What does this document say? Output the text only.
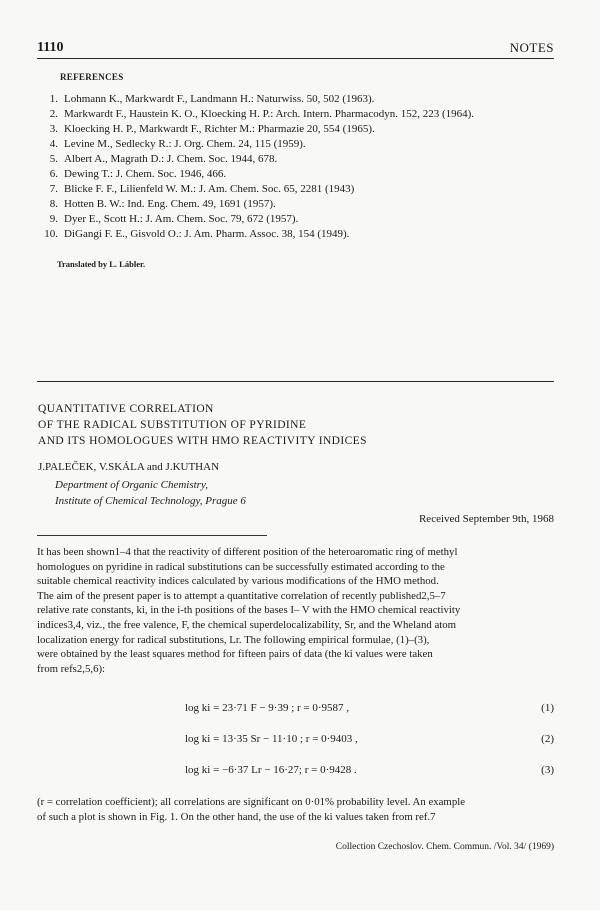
1110	NOTES
REFERENCES
1. Lohmann K., Markwardt F., Landmann H.: Naturwiss. 50, 502 (1963).
2. Markwardt F., Haustein K. O., Kloecking H. P.: Arch. Intern. Pharmacodyn. 152, 223 (1964).
3. Kloecking H. P., Markwardt F., Richter M.: Pharmazie 20, 554 (1965).
4. Levine M., Sedlecky R.: J. Org. Chem. 24, 115 (1959).
5. Albert A., Magrath D.: J. Chem. Soc. 1944, 678.
6. Dewing T.: J. Chem. Soc. 1946, 466.
7. Blicke F. F., Lilienfeld W. M.: J. Am. Chem. Soc. 65, 2281 (1943)
8. Hotten B. W.: Ind. Eng. Chem. 49, 1691 (1957).
9. Dyer E., Scott H.: J. Am. Chem. Soc. 79, 672 (1957).
10. DiGangi F. E., Gisvold O.: J. Am. Pharm. Assoc. 38, 154 (1949).
Translated by L. Lábler.
QUANTITATIVE CORRELATION
OF THE RADICAL SUBSTITUTION OF PYRIDINE
AND ITS HOMOLOGUES WITH HMO REACTIVITY INDICES
J.PALEČEK, V.SKÁLA and J.KUTHAN
Department of Organic Chemistry,
Institute of Chemical Technology, Prague 6
Received September 9th, 1968
It has been shown1–4 that the reactivity of different position of the heteroaromatic ring of methyl
homologues on pyridine in radical substitutions can be successfully estimated according to the
suitable chemical reactivity indices calculated by various modifications of the HMO method.
The aim of the present paper is to attempt a quantitative correlation of recently published2,5–7
relative rate constants, ki, in the i-th positions of the bases I– V with the HMO chemical reactivity
indices3,4, viz., the free valence, F, the chemical superdelocalizability, Sr, and the Wheland atom
localization energy for radical substitutions, Lr. The following empirical formulae, (1)–(3),
were obtained by the least squares method for fifteen pairs of data (the ki values were taken
from refs2,5,6):
log ki = 23·71 F − 9·39 ; r = 0·9587 ,	(1)
log ki = 13·35 Sr − 11·10 ; r = 0·9403 ,	(2)
log ki = −6·37 Lr − 16·27; r = 0·9428 .	(3)
(r = correlation coefficient); all correlations are significant on 0·01% probability level. An example
of such a plot is shown in Fig. 1. On the other hand, the use of the ki values taken from ref.7
Collection Czechoslov. Chem. Commun. /Vol. 34/ (1969)
